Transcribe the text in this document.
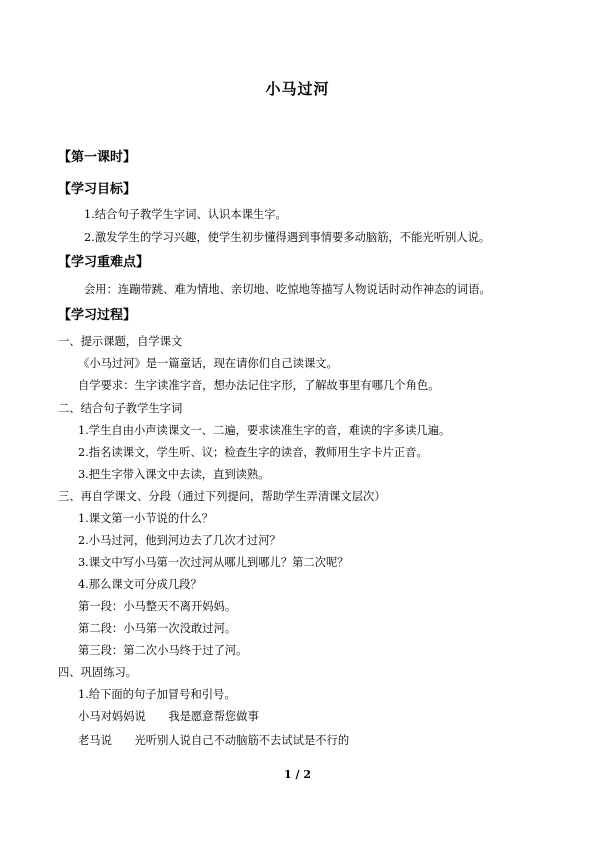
小马过河
【第一课时】
【学习目标】
1.结合句子教学生字词、认识本课生字。
2.激发学生的学习兴趣，使学生初步懂得遇到事情要多动脑筋，不能光听别人说。
【学习重难点】
会用：连蹦带跳、难为情地、亲切地、吃惊地等描写人物说话时动作神态的词语。
【学习过程】
一、提示课题，自学课文
《小马过河》是一篇童话，现在请你们自己读课文。
自学要求：生字读准字音，想办法记住字形，了解故事里有哪几个角色。
二、结合句子教学生字词
1.学生自由小声读课文一、二遍，要求读准生字的音，难读的字多读几遍。
2.指名读课文，学生听、议；检查生字的读音，教师用生字卡片正音。
3.把生字带入课文中去读，直到读熟。
三、再自学课文、分段（通过下列提问，帮助学生弄清课文层次）
1.课文第一小节说的什么？
2.小马过河，他到河边去了几次才过河？
3.课文中写小马第一次过河从哪儿到哪儿？第二次呢？
4.那么课文可分成几段？
第一段：小马整天不离开妈妈。
第二段：小马第一次没敢过河。
第三段：第二次小马终于过了河。
四、巩固练习。
1.给下面的句子加冒号和引号。
小马对妈妈说　　我是愿意帮您做事
老马说　　光听别人说自己不动脑筋不去试试是不行的
1 / 2
